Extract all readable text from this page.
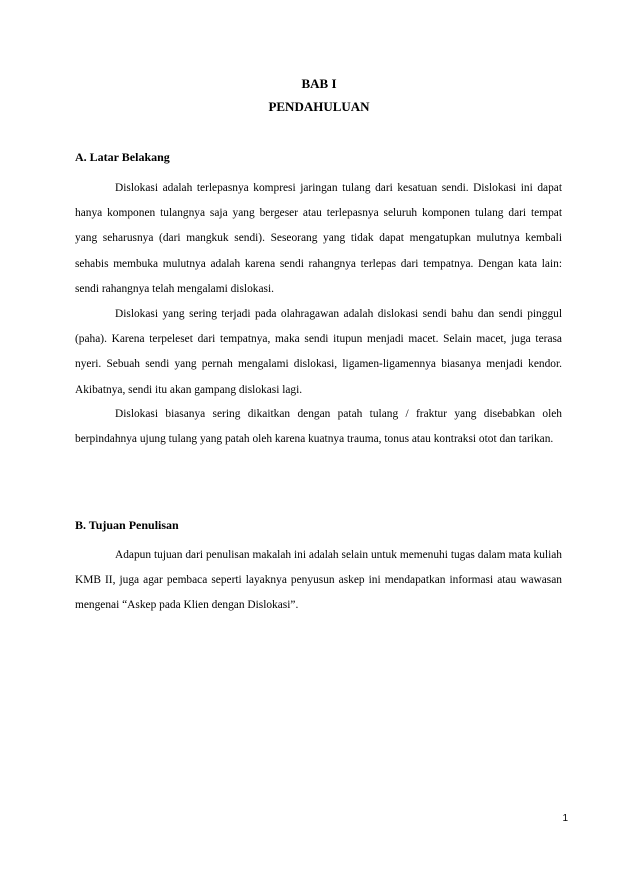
BAB I
PENDAHULUAN
A. Latar Belakang

Dislokasi adalah terlepasnya kompresi jaringan tulang dari kesatuan sendi. Dislokasi ini dapat hanya komponen tulangnya saja yang bergeser atau terlepasnya seluruh komponen tulang dari tempat yang seharusnya (dari mangkuk sendi). Seseorang yang tidak dapat mengatupkan mulutnya kembali sehabis membuka mulutnya adalah karena sendi rahangnya terlepas dari tempatnya. Dengan kata lain: sendi rahangnya telah mengalami dislokasi.

Dislokasi yang sering terjadi pada olahragawan adalah dislokasi sendi bahu dan sendi pinggul (paha). Karena terpeleset dari tempatnya, maka sendi itupun menjadi macet. Selain macet, juga terasa nyeri. Sebuah sendi yang pernah mengalami dislokasi, ligamen-ligamennya biasanya menjadi kendor. Akibatnya, sendi itu akan gampang dislokasi lagi.

Dislokasi biasanya sering dikaitkan dengan patah tulang / fraktur yang disebabkan oleh berpindahnya ujung tulang yang patah oleh karena kuatnya trauma, tonus atau kontraksi otot dan tarikan.

B. Tujuan Penulisan

Adapun tujuan dari penulisan makalah ini adalah selain untuk memenuhi tugas dalam mata kuliah KMB II, juga agar pembaca seperti layaknya penyusun askep ini mendapatkan informasi atau wawasan mengenai “Askep pada Klien dengan Dislokasi”.

1
